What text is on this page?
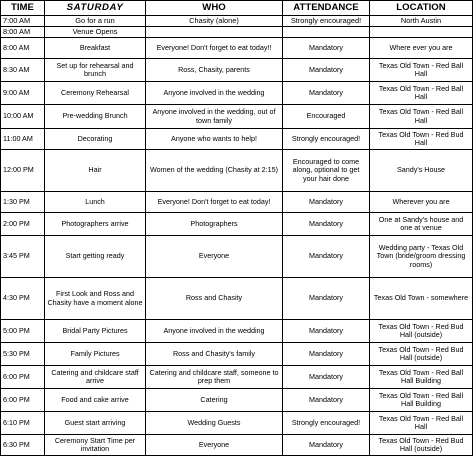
TIME	SATURDAY	WHO	ATTENDANCE	LOCATION
7:00 AM	Go for a run	Chasity (alone)	Strongly encouraged!	North Austin
8:00 AM	Venue Opens			
8:00 AM	Breakfast	Everyone! Don't forget to eat today!!	Mandatory	Where ever you are
8:30 AM	Set up for rehearsal and brunch	Ross, Chasity, parents	Mandatory	Texas Old Town - Red Ball Hall
9:00 AM	Ceremony Rehearsal	Anyone involved in the wedding	Mandatory	Texas Old Town - Red Ball Hall
10:00 AM	Pre-wedding Brunch	Anyone involved in the wedding, out of town family	Encouraged	Texas Old Town - Red Ball Hall
11:00 AM	Decorating	Anyone who wants to help!	Strongly encouraged!	Texas Old Town - Red Bud Hall
12:00 PM	Hair	Women of the wedding (Chasity at 2:15)	Encouraged to come along, optional to get your hair done	Sandy's House
1:30 PM	Lunch	Everyone! Don't forget to eat today!	Mandatory	Wherever you are
2:00 PM	Photographers arrive	Photographers	Mandatory	One at Sandy's house and one at venue
3:45 PM	Start getting ready	Everyone	Mandatory	Wedding party - Texas Old Town (bride/groom dressing rooms)
4:30 PM	First Look and Ross and Chasity have a moment alone	Ross and Chasity	Mandatory	Texas Old Town - somewhere
5:00 PM	Bridal Party Pictures	Anyone involved in the wedding	Mandatory	Texas Old Town - Red Bud Hall (outside)
5:30 PM	Family Pictures	Ross and Chasity's family	Mandatory	Texas Old Town - Red Bud Hall (outside)
6:00 PM	Catering and childcare staff arrive	Catering and childcare staff, someone to prep them	Mandatory	Texas Old Town - Red Ball Hall Building
6:00 PM	Food and cake arrive	Catering	Mandatory	Texas Old Town - Red Ball Hall Building
6:10 PM	Guest start arriving	Wedding Guests	Strongly encouraged!	Texas Old Town - Red Ball Hall
6:30 PM	Ceremony Start Time per invitation	Everyone	Mandatory	Texas Old Town - Red Bud Hall (outside)
